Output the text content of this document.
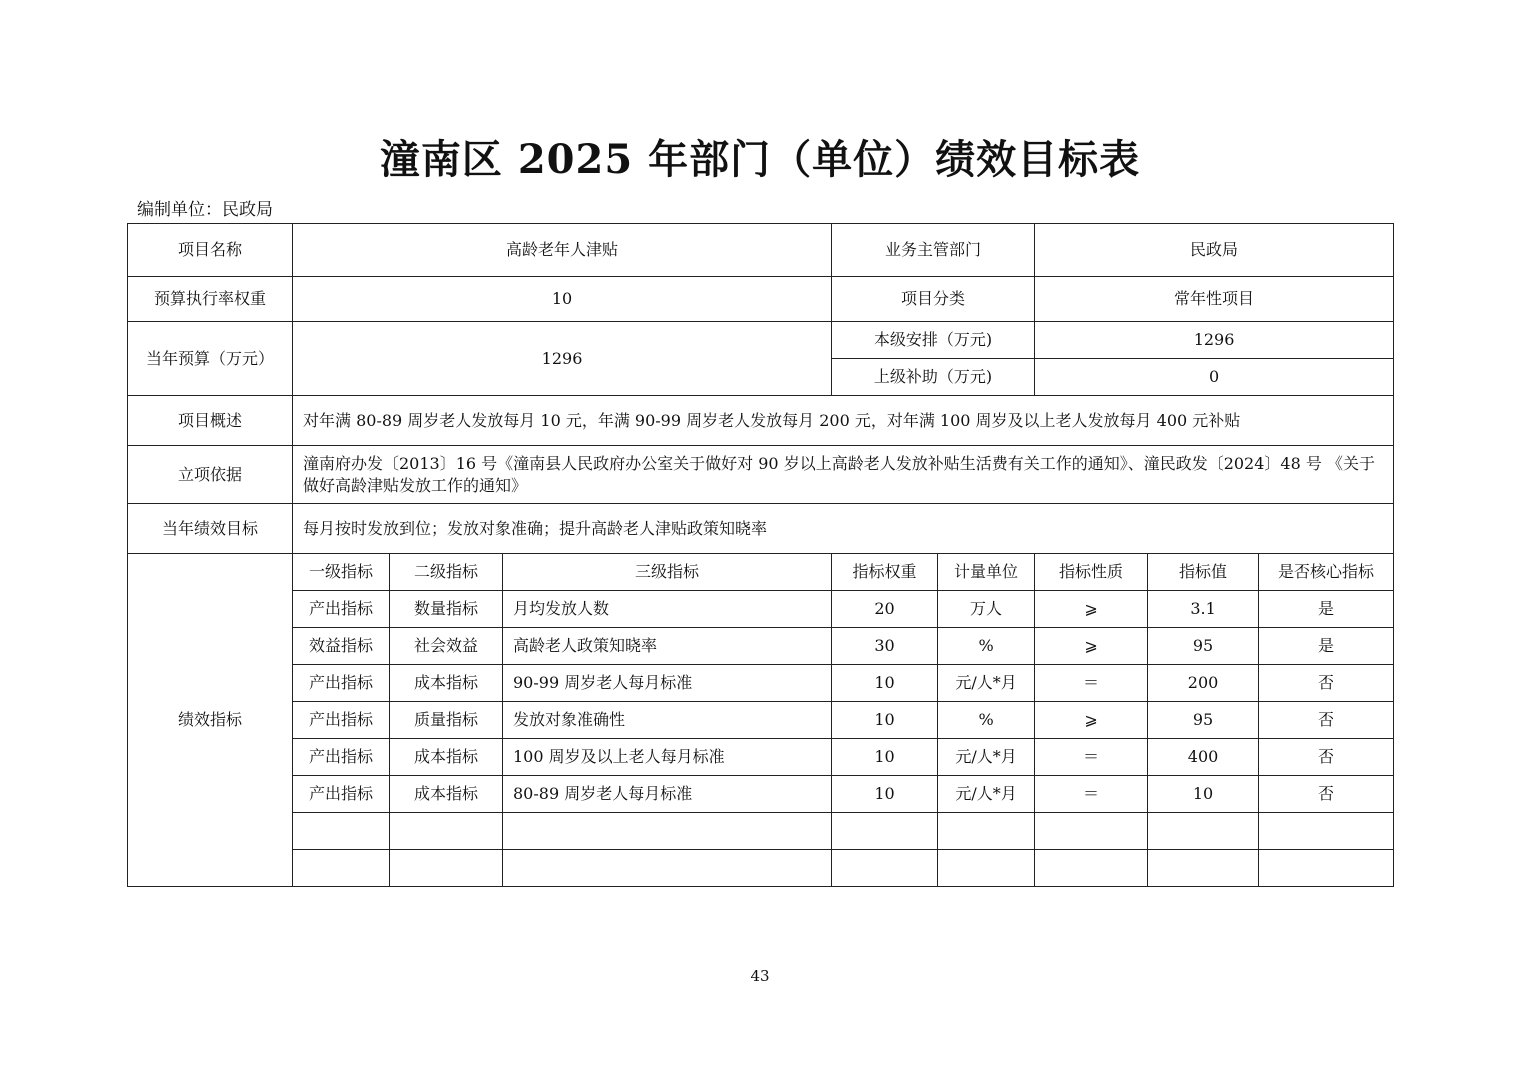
潼南区 2025 年部门（单位）绩效目标表
编制单位：民政局
项目名称	高龄老年人津贴			业务主管部门		民政局		
预算执行率权重	10			项目分类		常年性项目		
当年预算（万元）	1296			本级安排（万元)		1296		
				上级补助（万元)		0		
项目概述	对年满 80-89 周岁老人发放每月 10 元，年满 90-99 周岁老人发放每月 200 元，对年满 100 周岁及以上老人发放每月 400 元补贴							
立项依据	潼南府办发〔2013〕16 号《潼南县人民政府办公室关于做好对 90 岁以上高龄老人发放补贴生活费有关工作的通知》、潼民政发〔2024〕48 号 《关于做好高龄津贴发放工作的通知》							
当年绩效目标	每月按时发放到位；发放对象准确；提升高龄老人津贴政策知晓率							
绩效指标	一级指标	二级指标	三级指标	指标权重	计量单位	指标性质	指标值	是否核心指标
	产出指标	数量指标	月均发放人数	20	万人	⩾	3.1	是
	效益指标	社会效益	高龄老人政策知晓率	30	%	⩾	95	是
	产出指标	成本指标	90-99 周岁老人每月标准	10	元/人*月	＝	200	否
	产出指标	质量指标	发放对象准确性	10	%	⩾	95	否
	产出指标	成本指标	100 周岁及以上老人每月标准	10	元/人*月	＝	400	否
	产出指标	成本指标	80-89 周岁老人每月标准	10	元/人*月	＝	10	否

43
